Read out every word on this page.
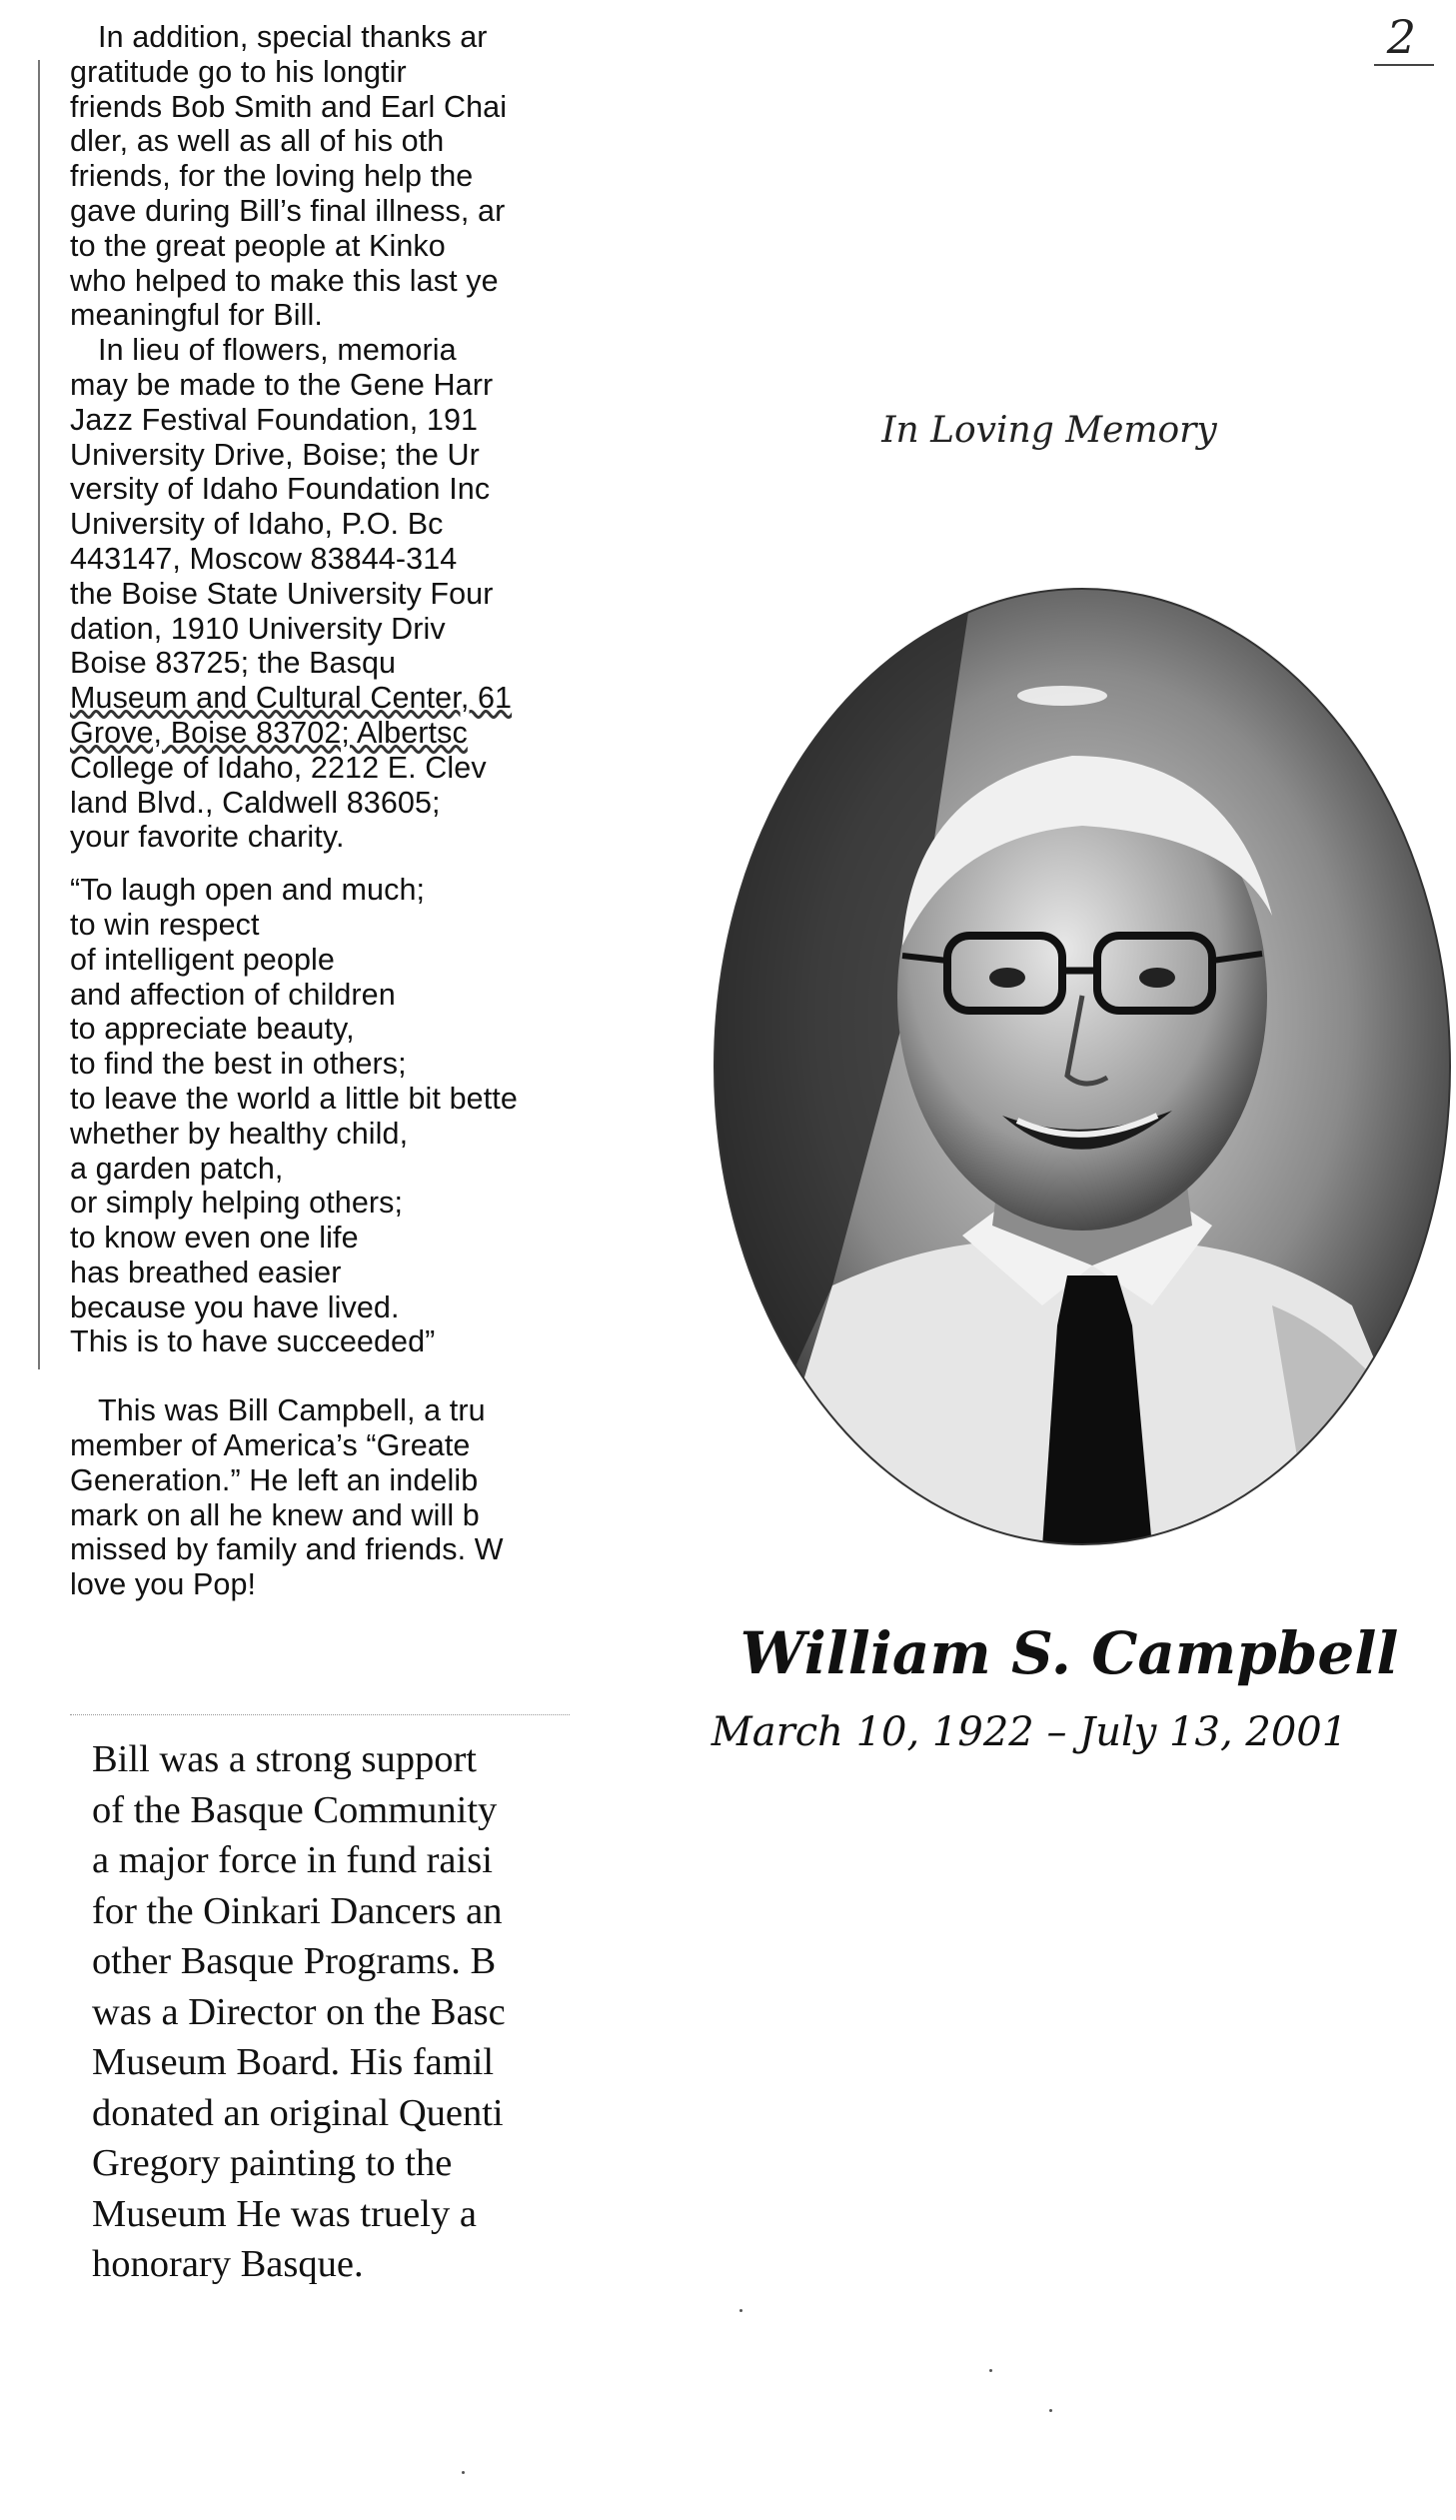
In addition, special thanks ar

gratitude go to his longtir

friends Bob Smith and Earl Chai

dler, as well as all of his oth

friends, for the loving help the

gave during Bill’s final illness, ar

to the great people at Kinko

who helped to make this last ye

meaningful for Bill.

In lieu of flowers, memoria

may be made to the Gene Harr

Jazz Festival Foundation, 191

University Drive, Boise; the Ur

versity of Idaho Foundation Inc

University of Idaho, P.O. Bc

443147, Moscow 83844-314

the Boise State University Four

dation, 1910 University Driv

Boise 83725; the Basqu

Museum and Cultural Center, 61

Grove, Boise 83702; Albertsc

College of Idaho, 2212 E. Clev

land Blvd., Caldwell 83605;

your favorite charity.

“To laugh open and much;

to win respect

of intelligent people

and affection of children

to appreciate beauty,

to find the best in others;

to leave the world a little bit bette

whether by healthy child,

a garden patch,

or simply helping others;

to know even one life

has breathed easier

because you have lived.

This is to have succeeded”

This was Bill Campbell, a tru

member of America’s “Greate

Generation.” He left an indelib

mark on all he knew and will b

missed by family and friends. W

love you Pop!

Bill was a strong support

of the Basque Community

a major force in fund raisi

for the Oinkari Dancers an

other Basque Programs. B

was a Director on the Basc

Museum Board. His famil

donated an original Quenti

Gregory painting to the

Museum He was truely a

honorary Basque.

2
In Loving Memory
William S. Campbell
March 10, 1922 – July 13, 2001
